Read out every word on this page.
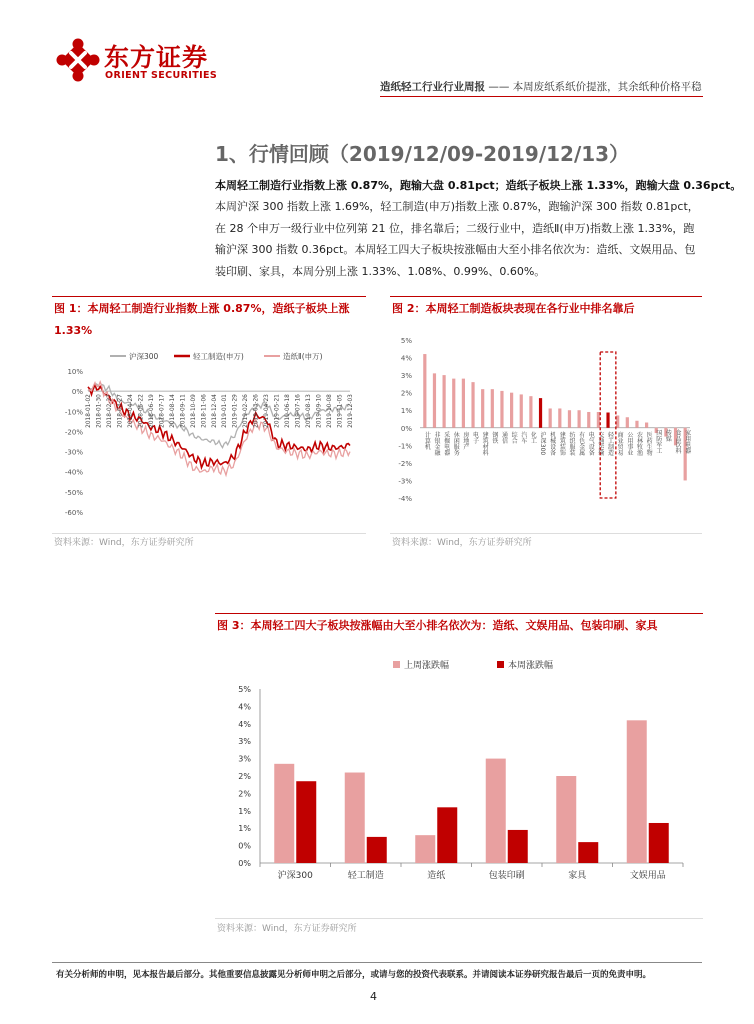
东方证券
ORIENT SECURITIES
造纸轻工行业行业周报 —— 本周废纸系纸价提涨，其余纸种价格平稳
1、行情回顾（2019/12/09-2019/12/13）
本周轻工制造行业指数上涨 0.87%，跑输大盘 0.81pct；造纸子板块上涨 1.33%，跑输大盘 0.36pct。
本周沪深 300 指数上涨 1.69%，轻工制造(申万)指数上涨 0.87%，跑输沪深 300 指数 0.81pct，在 28 个申万一级行业中位列第 21 位，排名靠后；二级行业中，造纸Ⅱ(申万)指数上涨 1.33%，跑输沪深 300 指数 0.36pct。本周轻工四大子板块按涨幅由大至小排名依次为：造纸、文娱用品、包装印刷、家具，本周分别上涨 1.33%、1.08%、0.99%、0.60%。
图 1：本周轻工制造行业指数上涨 0.87%，造纸子板块上涨 1.33%
沪深300	轻工制造(申万)	造纸Ⅱ(申万)
10%
0%
-10%
-20%
-30%
-40%
-50%
-60%
2018-01-02 2018-01-30 2018-02-27 2018-03-27 2018-04-24 2018-05-22 2018-06-19 2018-07-17 2018-08-14 2018-09-11 2018-10-09 2018-11-06 2018-12-04 2019-01-01 2019-01-29 2019-02-26 2019-03-26 2019-04-23 2019-05-21 2019-06-18 2019-07-16 2019-08-13 2019-09-10 2019-10-08 2019-11-05 2019-12-03
资料来源：Wind，东方证券研究所
图 2：本周轻工制造板块表现在各行业中排名靠后
5%
4%
3%
2%
1%
0%
-1%
-2%
-3%
-4%
计算机 非银金融 采掘电器 休闲服务 房地产 电子 建筑材料 钢铁 通信 综合 汽车 化工 沪深300 机械设备 建筑装饰 纺织服装 有色金属 电气设备 交通运输 轻工制造 商业贸易 公用事业 农林牧渔 医药生物 国防军工 传媒 食品饮料 家用电器
资料来源：Wind，东方证券研究所
图 3：本周轻工四大子板块按涨幅由大至小排名依次为：造纸、文娱用品、包装印刷、家具
上周涨跌幅	本周涨跌幅
5%
4%
4%
3%
3%
2%
2%
1%
1%
0%
0%
沪深300	轻工制造	造纸	包装印刷	家具	文娱用品
资料来源：Wind，东方证券研究所
有关分析师的申明，见本报告最后部分。其他重要信息披露见分析师申明之后部分，或请与您的投资代表联系。并请阅读本证券研究报告最后一页的免责申明。
4
